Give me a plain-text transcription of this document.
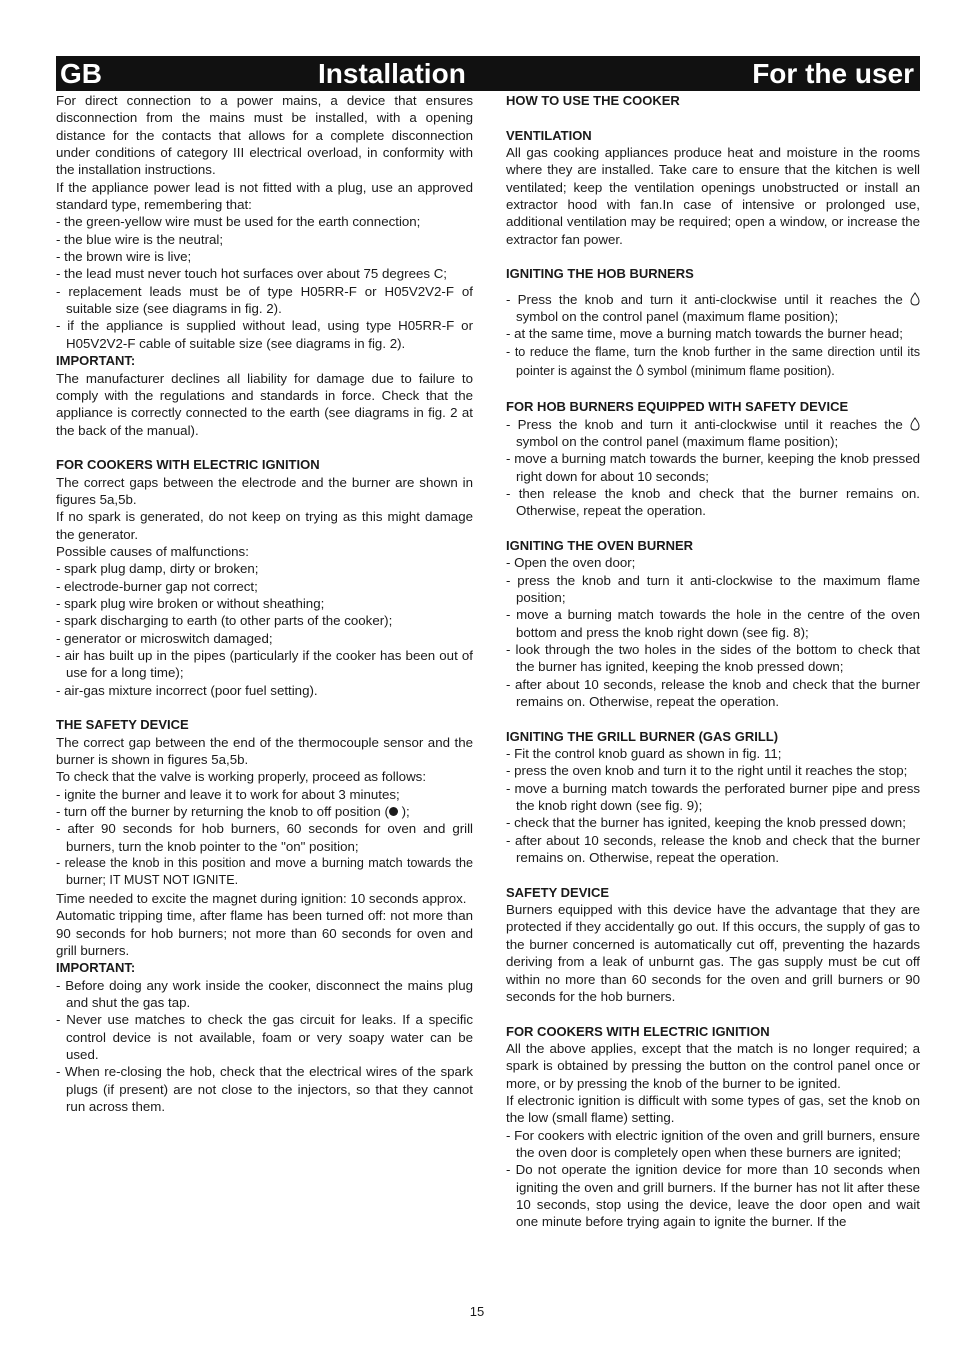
GB	Installation	For the user

For direct connection to a power mains, a device that ensures disconnection from the mains must be installed, with a opening distance for the contacts that allows for a complete disconnection under conditions of category III electrical overload, in conformity with the installation instructions.

If the appliance power lead is not fitted with a plug, use an approved standard type, remembering that:

- the green-yellow wire must be used for the earth connection;

- the blue wire is the neutral;

- the brown wire is live;

- the lead must never touch hot surfaces over about 75 degrees C;

- replacement leads must be of type H05RR-F or H05V2V2-F of suitable size (see diagrams in fig. 2).

- if the appliance is supplied without lead, using type H05RR-F or H05V2V2-F cable of suitable size (see diagrams in fig. 2).

IMPORTANT:

The manufacturer declines all liability for damage due to failure to comply with the regulations and standards in force. Check that the appliance is correctly connected to the earth (see diagrams in fig. 2 at the back of the manual).

FOR COOKERS WITH ELECTRIC IGNITION

The correct gaps between the electrode and the burner are shown in figures 5a,5b.

If no spark is generated, do not keep on trying as this might damage the generator.

Possible causes of malfunctions:

- spark plug damp, dirty or broken;

- electrode-burner gap not correct;

- spark plug wire broken or without sheathing;

- spark discharging to earth (to other parts of the cooker);

- generator or microswitch damaged;

- air has built up in the pipes (particularly if the cooker has been out of use for a long time);

- air-gas mixture incorrect (poor fuel setting).

THE SAFETY DEVICE

The correct gap between the end of the thermocouple sensor and the burner is shown in figures 5a,5b.

To check that the valve is working properly, proceed as follows:

- ignite the burner and leave it to work for about 3 minutes;

- turn off the burner by returning the knob to off position ( );

- after 90 seconds for hob burners, 60 seconds for oven and grill burners, turn the knob pointer to the "on" position;

- release the knob in this position and move a burning match towards the burner; IT MUST NOT IGNITE.

Time needed to excite the magnet during ignition: 10 seconds approx.

Automatic tripping time, after flame has been turned off: not more than 90 seconds for hob burners; not more than 60 seconds for oven and grill burners.

IMPORTANT:

- Before doing any work inside the cooker, disconnect the mains plug and shut the gas tap.

- Never use matches to check the gas circuit for leaks. If a specific control device is not available, foam or very soapy water can be used.

- When re-closing the hob, check that the electrical wires of the spark plugs (if present) are not close to the injectors, so that they cannot run across them.

HOW TO USE THE COOKER

VENTILATION

All gas cooking appliances produce heat and moisture in the rooms where they are installed. Take care to ensure that the kitchen is well ventilated; keep the ventilation openings unobstructed or install an extractor hood with fan.In case of intensive or prolonged use, additional ventilation may be required; open a window, or increase the extractor fan power.

IGNITING THE HOB BURNERS

- Press the knob and turn it anti-clockwise until it reaches the  symbol on the control panel (maximum flame position);

- at the same time, move a burning match towards the burner head;

- to reduce the flame, turn the knob further in the same direction until its pointer is against the  symbol (minimum flame position).

FOR HOB BURNERS EQUIPPED WITH SAFETY DEVICE

- Press the knob and turn it anti-clockwise until it reaches the  symbol on the control panel (maximum flame position);

- move a burning match towards the burner, keeping the knob pressed right down for about 10 seconds;

- then release the knob and check that the burner remains on. Otherwise, repeat the operation.

IGNITING THE OVEN BURNER

- Open the oven door;

- press the knob and turn it anti-clockwise to the maximum flame position;

- move a burning match towards the hole in the centre of the oven bottom and press the knob right down (see fig. 8);

- look through the two holes in the sides of the bottom to check that the burner has ignited, keeping the knob pressed down;

- after about 10 seconds, release the knob and check that the burner remains on. Otherwise, repeat the operation.

IGNITING THE GRILL BURNER (GAS GRILL)

- Fit the control knob guard as shown in fig. 11;

- press the oven knob and turn it to the right until it reaches the stop;

- move a burning match towards the perforated burner pipe and press the knob right down (see fig. 9);

- check that the burner has ignited, keeping the knob pressed down;

- after about 10 seconds, release the knob and check that the burner remains on. Otherwise, repeat the operation.

SAFETY DEVICE

Burners equipped with this device have the advantage that they are protected if they accidentally go out. If this occurs, the supply of gas to the burner concerned is automatically cut off, preventing the hazards deriving from a leak of unburnt gas. The gas supply must be cut off within no more than 60 seconds for the oven and grill burners or 90 seconds for the hob burners.

FOR COOKERS WITH ELECTRIC IGNITION

All the above applies, except that the match is no longer required; a spark is obtained by pressing the button on the control panel once or more, or by pressing the knob of the burner to be ignited.

If electronic ignition is difficult with some types of gas, set the knob on the low (small flame) setting.

- For cookers with electric ignition of the oven and grill burners, ensure the oven door is completely open when these burners are ignited;

- Do not operate the ignition device for more than 10 seconds when igniting the oven and grill burners. If the burner has not lit after these 10 seconds, stop using the device, leave the door open and wait one minute before trying again to ignite the burner. If the

15
